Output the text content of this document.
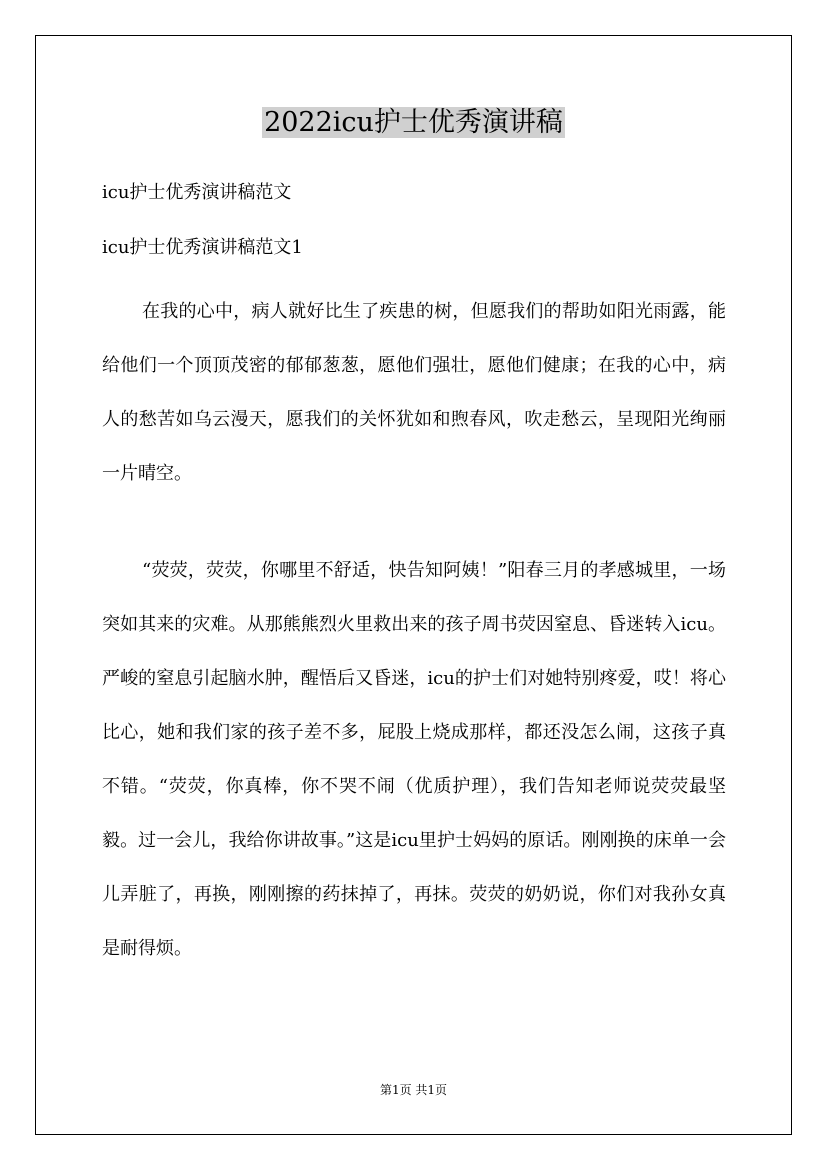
2022icu护士优秀演讲稿

icu护士优秀演讲稿范文

icu护士优秀演讲稿范文1

在我的心中，病人就好比生了疾患的树，但愿我们的帮助如阳光雨露，能给他们一个顶顶茂密的郁郁葱葱，愿他们强壮，愿他们健康；在我的心中，病人的愁苦如乌云漫天，愿我们的关怀犹如和煦春风，吹走愁云，呈现阳光绚丽一片晴空。

“荧荧，荧荧，你哪里不舒适，快告知阿姨！”阳春三月的孝感城里，一场突如其来的灾难。从那熊熊烈火里救出来的孩子周书荧因窒息、昏迷转入icu。严峻的窒息引起脑水肿，醒悟后又昏迷，icu的护士们对她特别疼爱，哎！将心比心，她和我们家的孩子差不多，屁股上烧成那样，都还没怎么闹，这孩子真不错。“荧荧，你真棒，你不哭不闹（优质护理），我们告知老师说荧荧最坚毅。过一会儿，我给你讲故事。”这是icu里护士妈妈的原话。刚刚换的床单一会儿弄脏了，再换，刚刚擦的药抹掉了，再抹。荧荧的奶奶说，你们对我孙女真是耐得烦。

第1页 共1页
